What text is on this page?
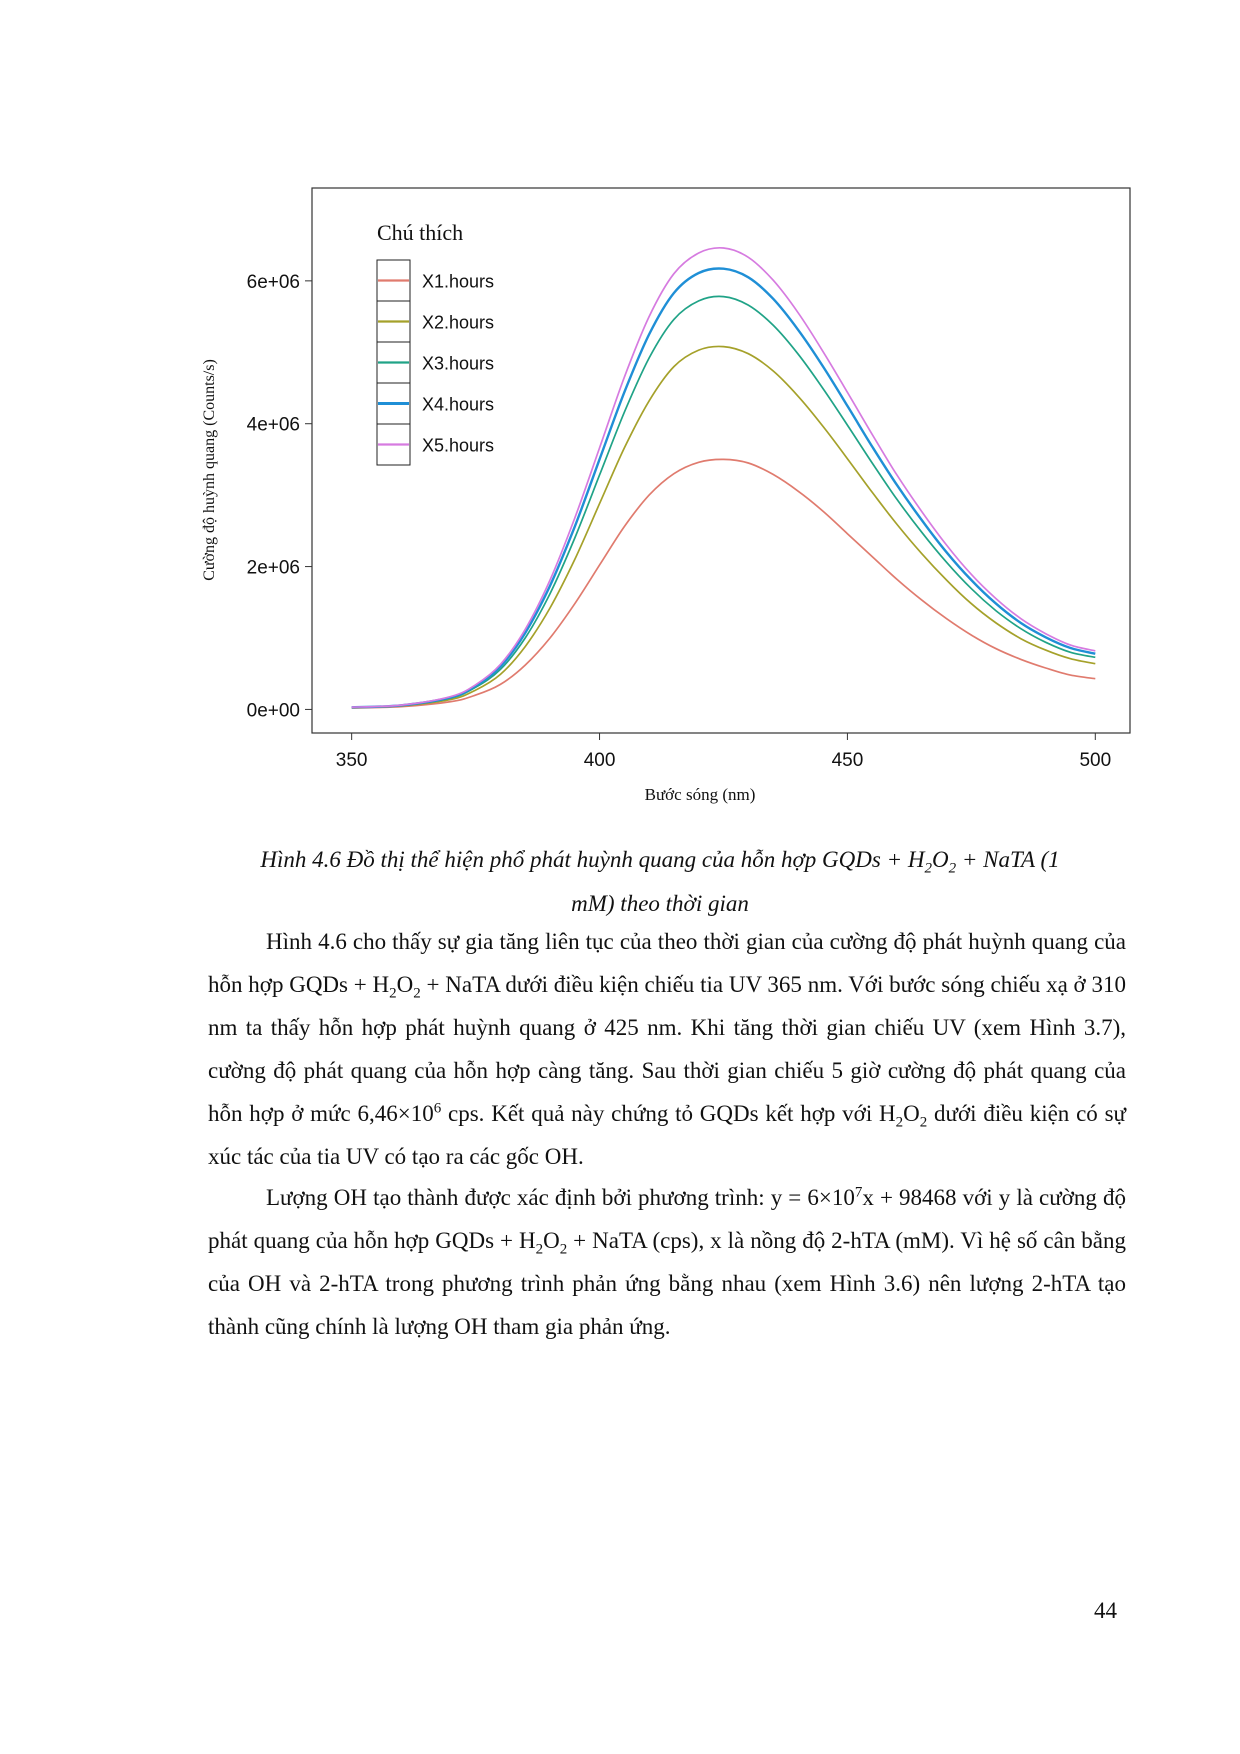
0e+00
2e+06
4e+06
6e+06
350	400	450	500
Chú thích
X1.hours
X2.hours
X3.hours
X4.hours
X5.hours
Bước sóng (nm)
Cường độ huỳnh quang (Counts/s)
Hình 4.6 Đồ thị thể hiện phổ phát huỳnh quang của hỗn hợp GQDs + $H_2O_2$ + NaTA (1
mM) theo thời gian

Hình 4.6 cho thấy sự gia tăng liên tục của theo thời gian của cường độ phát huỳnh quang của hỗn hợp GQDs + $H_2O_2$ + NaTA dưới điều kiện chiếu tia UV 365 nm. Với bước sóng chiếu xạ ở 310 nm ta thấy hỗn hợp phát huỳnh quang ở 425 nm. Khi tăng thời gian chiếu UV (xem Hình 3.7), cường độ phát quang của hỗn hợp càng tăng. Sau thời gian chiếu 5 giờ cường độ phát quang của hỗn hợp ở mức $6,46\times 10^6$ cps. Kết quả này chứng tỏ GQDs kết hợp với $H_2O_2$ dưới điều kiện có sự xúc tác của tia UV có tạo ra các gốc OH.

Lượng OH tạo thành được xác định bởi phương trình: $y = 6\times 10^7x + 98468$ với y là cường độ phát quang của hỗn hợp GQDs + $H_2O_2$ + NaTA (cps), x là nồng độ 2-hTA (mM). Vì hệ số cân bằng của OH và 2-hTA trong phương trình phản ứng bằng nhau (xem Hình 3.6) nên lượng 2-hTA tạo thành cũng chính là lượng OH tham gia phản ứng.

44
